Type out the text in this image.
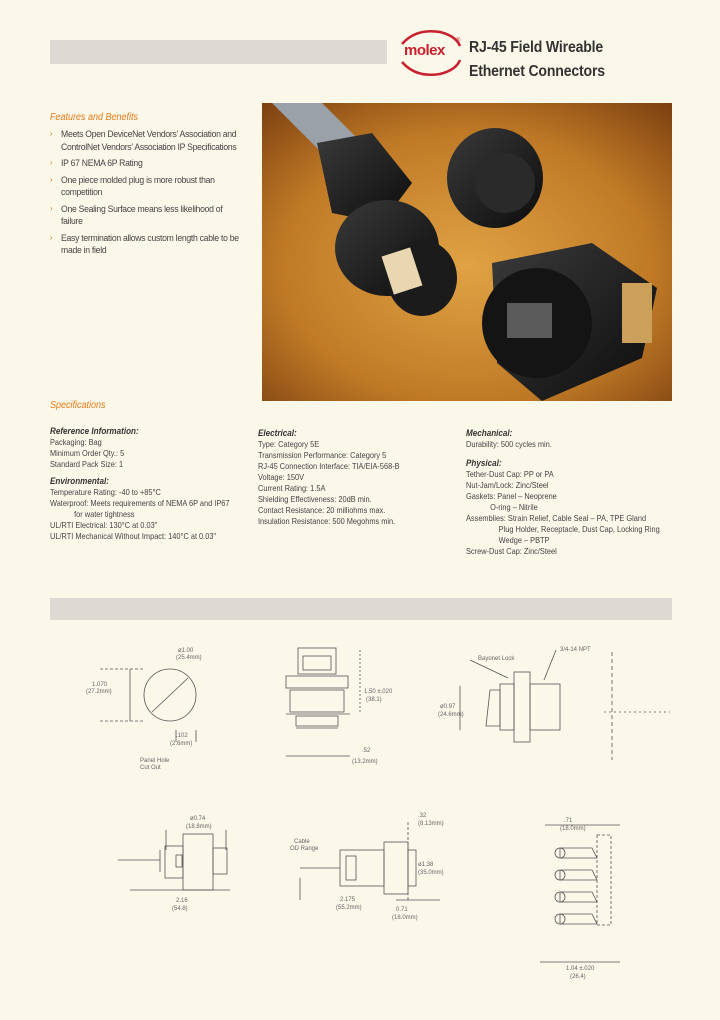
molex
® RJ-45 Field Wireable
Ethernet Connectors
Features and Benefits
› Meets Open DeviceNet Vendors' Association and
ControlNet Vendors' Association IP Specifications
› IP 67 NEMA 6P Rating
› One piece molded plug is more robust than
competition
› One Sealing Surface means less likelihood of
failure
› Easy termination allows custom length cable to be
made in field
Specifications
Reference Information:
Packaging: Bag
Minimum Order Qty.: 5
Standard Pack Size: 1
Environmental:
Temperature Rating: -40 to +85°C
Waterproof: Meets requirements of NEMA 6P and IP67
for water tightness
UL/RTI Electrical: 130°C at 0.03"
UL/RTI Mechanical Without Impact: 140°C at 0.03"
Electrical:
Type: Category 5E
Transmission Performance: Category 5
RJ-45 Connection Interface: TIA/EIA-568-B
Voltage: 150V
Current Rating: 1.5A
Shielding Effectiveness: 20dB min.
Contact Resistance: 20 milliohms max.
Insulation Resistance: 500 Megohms min.
Mechanical:
Durability: 500 cycles min.
Physical:
Tether-Dust Cap: PP or PA
Nut-Jam/Lock: Zinc/Steel
Gaskets: Panel – Neoprene
O-ring – Nitrile
Assemblies: Strain Relief, Cable Seal – PA, TPE Gland
Plug Holder, Receptacle, Dust Cap, Locking Ring
Wedge – PBTP
Screw-Dust Cap: Zinc/Steel
ø1.00
(25.4mm)
1.070
(27.2mm)
.102
(2.6mm)
Panel Hole
Cut Out
1.50 ±.020
(38.1)
.52
(13.2mm)
Bayonet Lock
3/4-14 NPT
ø0.97
(24.6mm)
ø0.74
(18.8mm)
2.16
(54.8)
.32
(8.13mm)
ø1.38
(35.0mm)
2.175
(55.2mm)	0.71
(18.0mm)
Cable
OD Range
.71
(18.0mm)
1.04 ±.020
(26.4)
